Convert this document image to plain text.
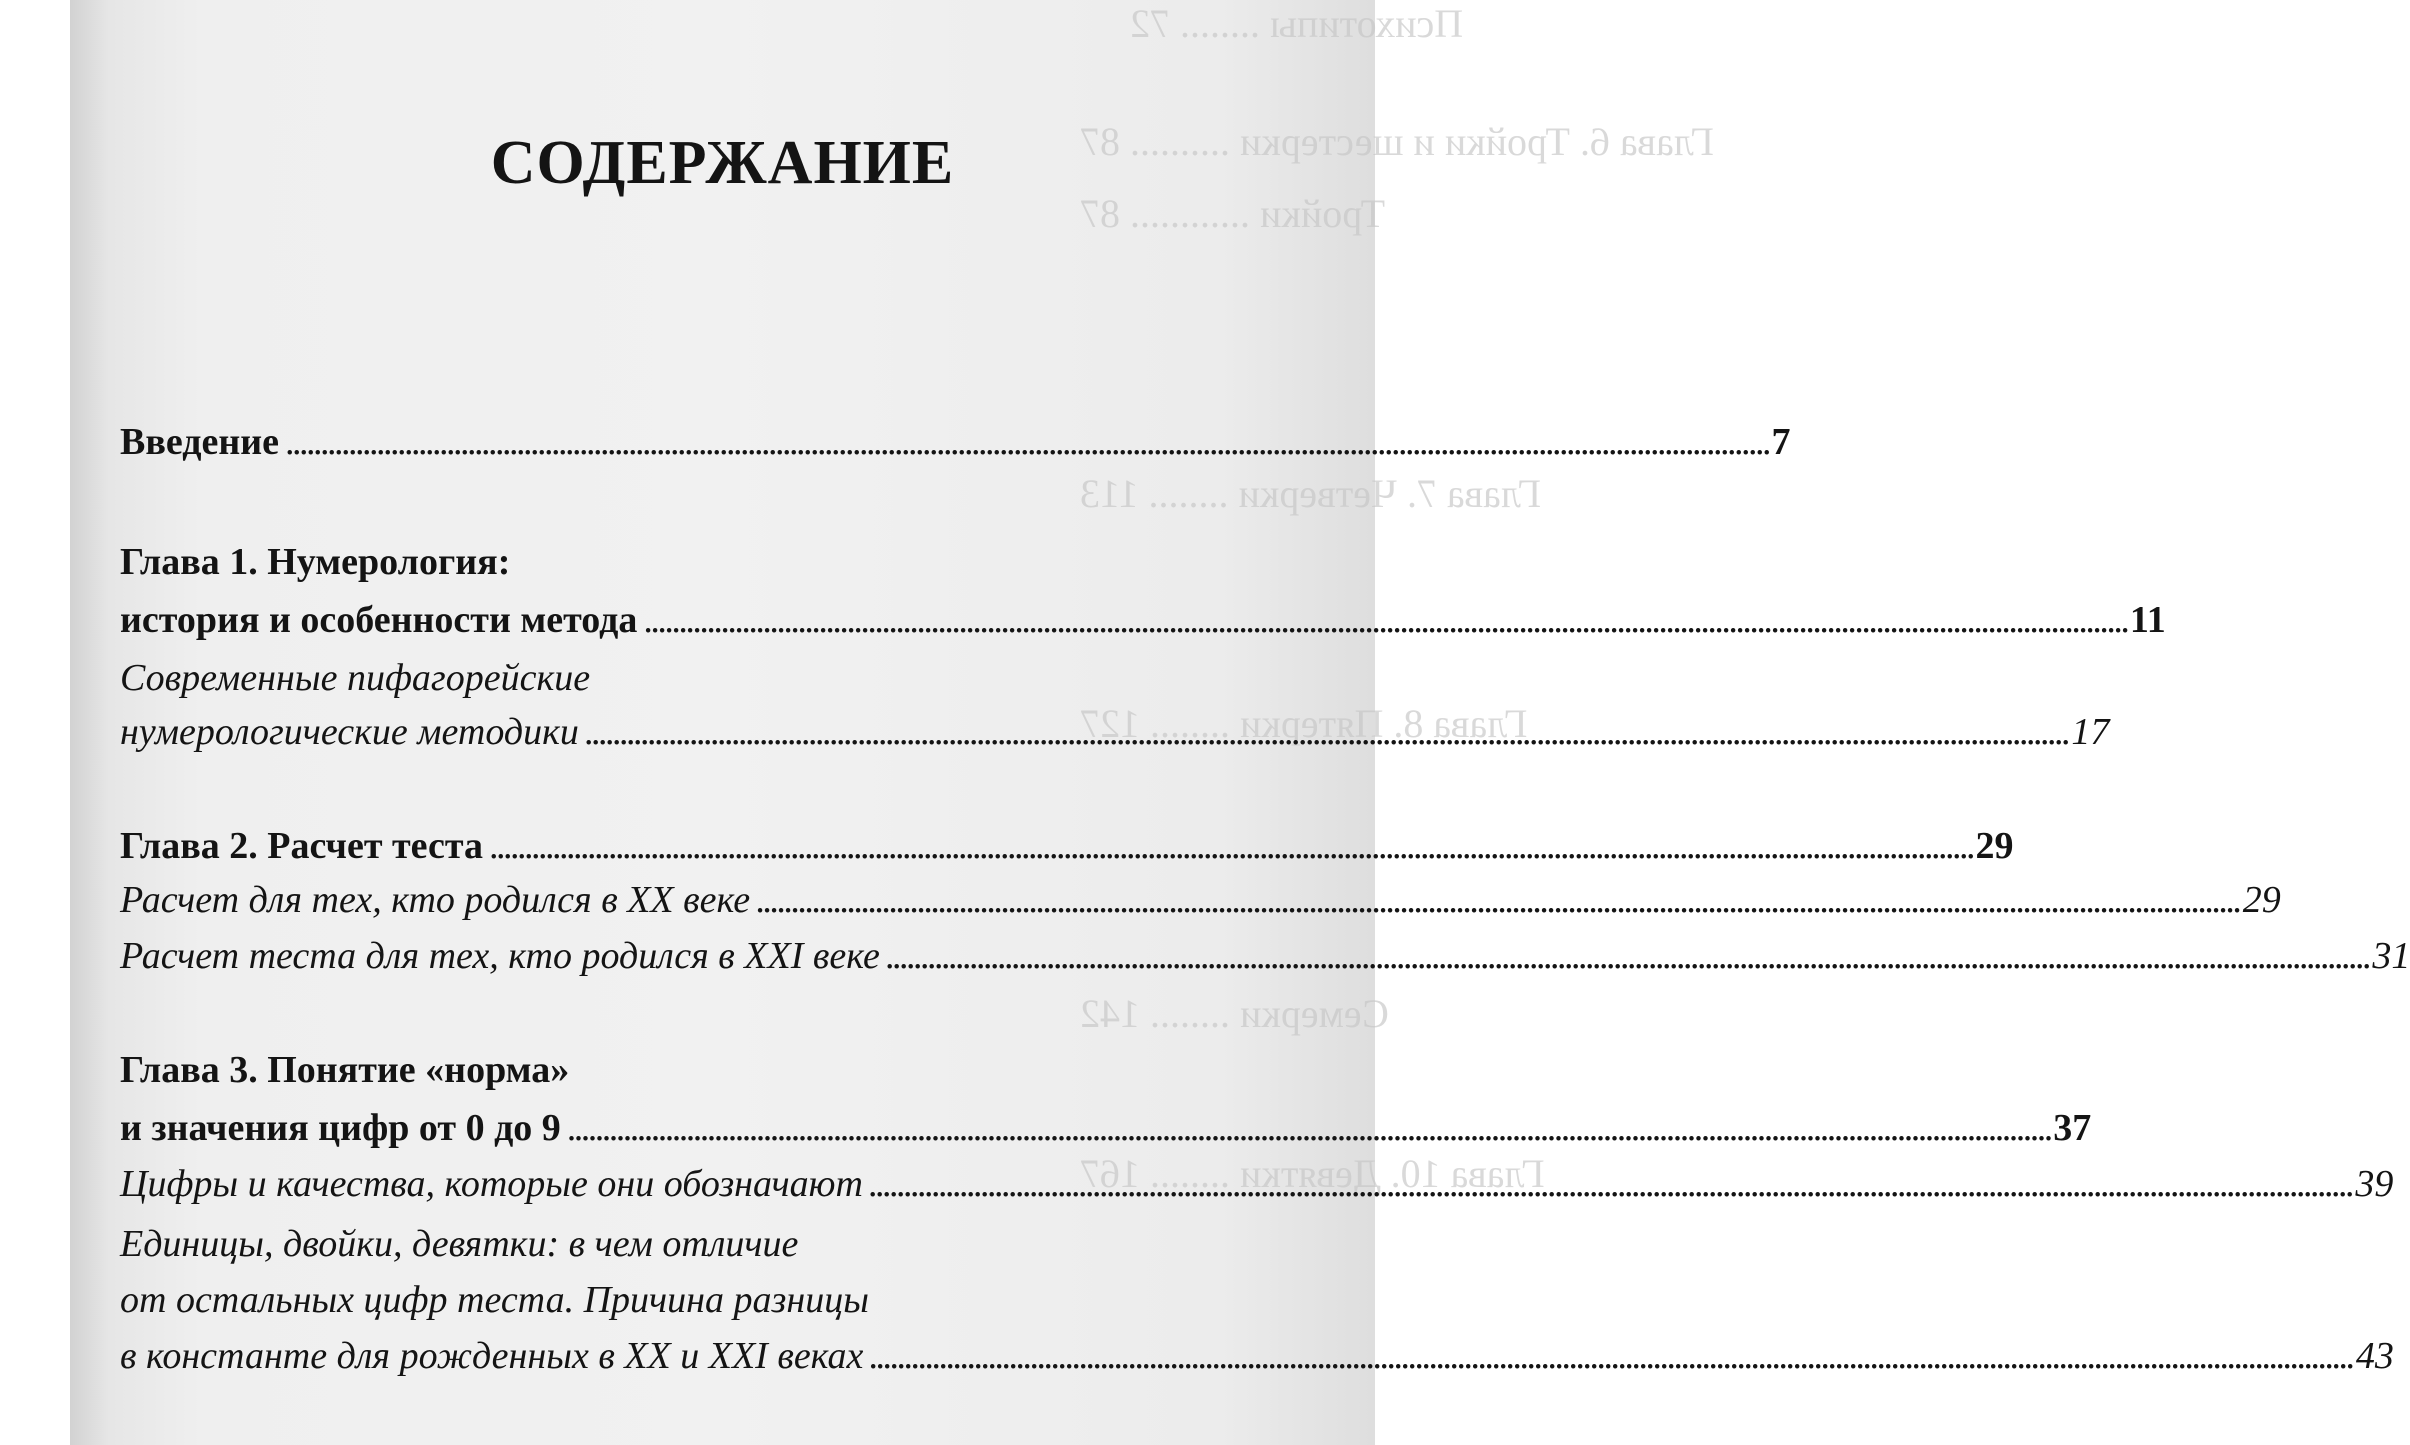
Психотипы ........ 72
Глава 6. Тройки и шестерки .......... 87
Тройки ............ 87
Глава 7. Четверки ........ 113
Глава 8. Пятерки ........ 127
Семерки ........ 142
Глава 10. Девятки ........ 167
СОДЕРЖАНИЕ
Введение . . .	7
Глава 1. Нумерология:
история и особенности метода . . .	11
Современные пифагорейские
нумерологические методики . . .	17
Глава 2. Расчет теста . . .	29
Расчет для тех, кто родился в XX веке . . .	29
Расчет теста для тех, кто родился в XXI веке . . .	31
Глава 3. Понятие «норма»
и значения цифр от 0 до 9 . . .	37
Цифры и качества, которые они обозначают . . .	39
Единицы, двойки, девятки: в чем отличие
от остальных цифр теста. Причина разницы
в константе для рожденных в XX и XXI веках . . .	43
